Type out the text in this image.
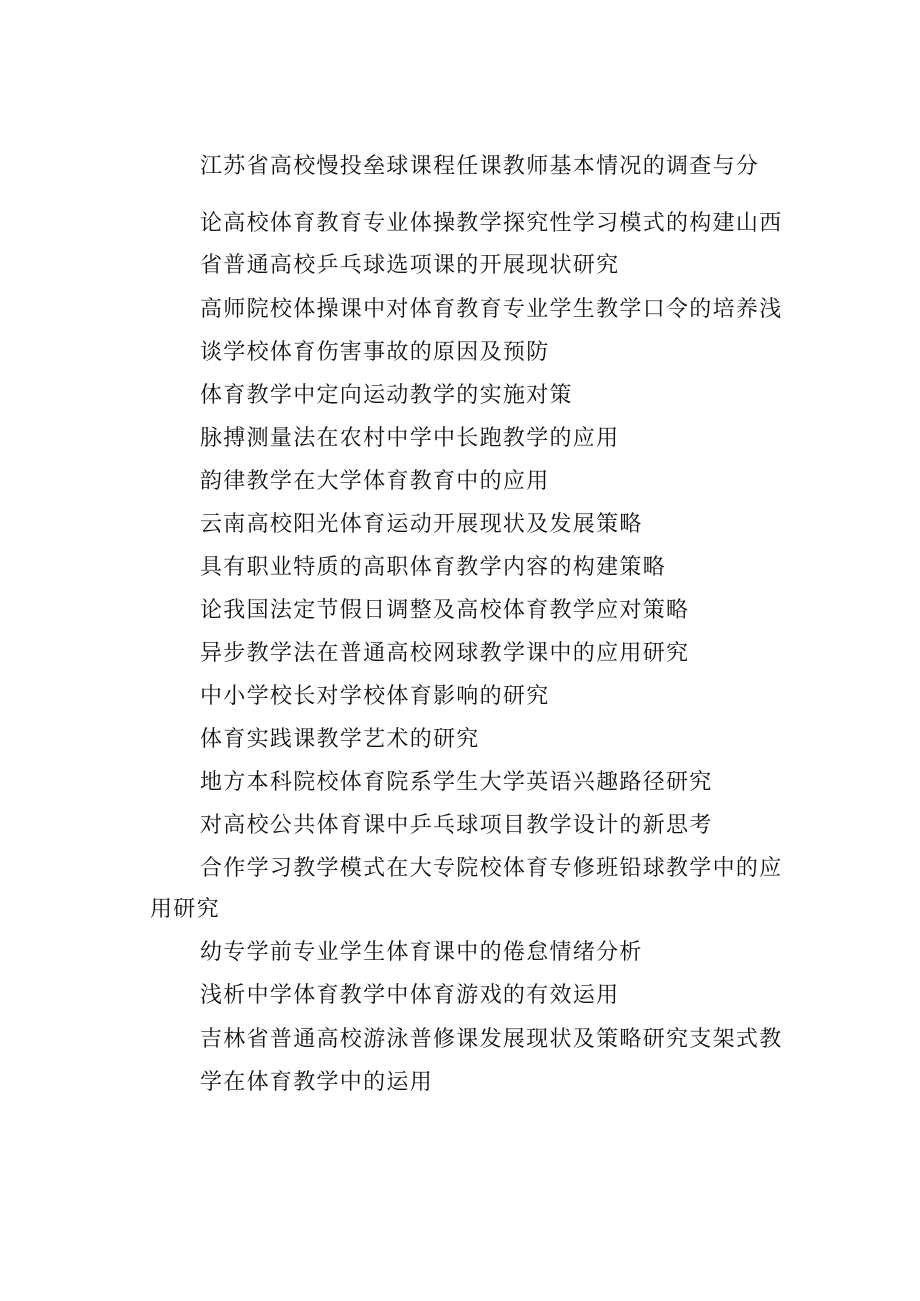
江苏省高校慢投垒球课程任课教师基本情况的调查与分

论高校体育教育专业体操教学探究性学习模式的构建山西

省普通高校乒乓球选项课的开展现状研究

高师院校体操课中对体育教育专业学生教学口令的培养浅

谈学校体育伤害事故的原因及预防

体育教学中定向运动教学的实施对策

脉搏测量法在农村中学中长跑教学的应用

韵律教学在大学体育教育中的应用

云南高校阳光体育运动开展现状及发展策略

具有职业特质的高职体育教学内容的构建策略

论我国法定节假日调整及高校体育教学应对策略

异步教学法在普通高校网球教学课中的应用研究

中小学校长对学校体育影响的研究

体育实践课教学艺术的研究

地方本科院校体育院系学生大学英语兴趣路径研究

对高校公共体育课中乒乓球项目教学设计的新思考

合作学习教学模式在大专院校体育专修班铅球教学中的应

用研究

幼专学前专业学生体育课中的倦怠情绪分析

浅析中学体育教学中体育游戏的有效运用

吉林省普通高校游泳普修课发展现状及策略研究支架式教

学在体育教学中的运用
